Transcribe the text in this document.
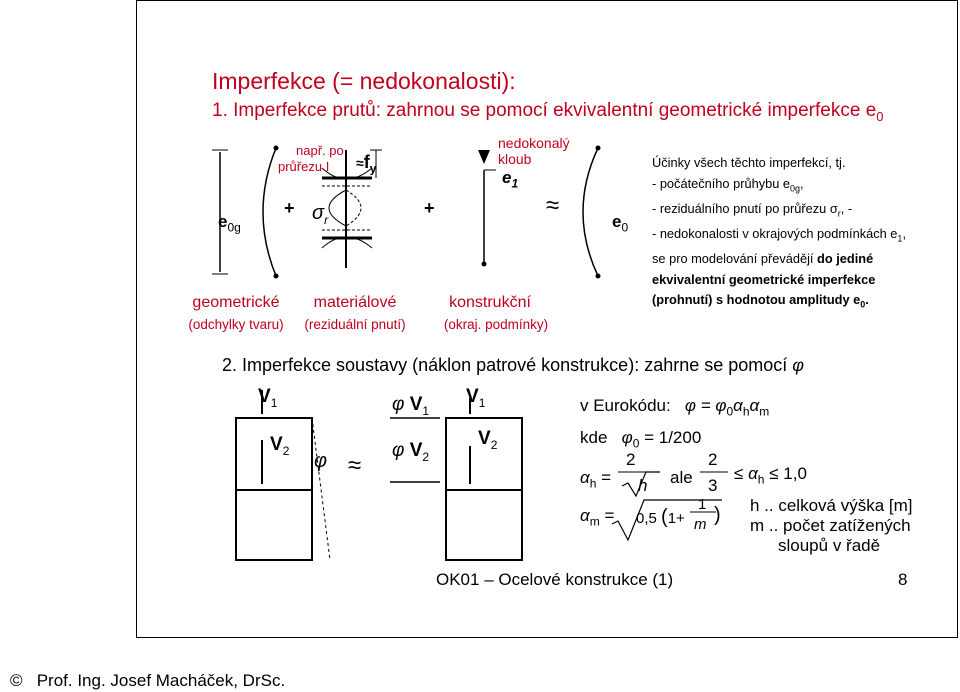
Imperfekce (= nedokonalosti):
1. Imperfekce prutů: zahrnou se pomocí ekvivalentní geometrické imperfekce $e_0$
$e_{0g}$
geometrické
(odchylky tvaru)
např. po
průřezu $I \approx f_y$
+ $\sigma_r$
materiálové
(reziduální pnutí)
+
nedokonalý
kloub
$e_1$
konstrukční
(okraj. podmínky)
≈
$e_0$
Účinky všech těchto imperfekcí, tj.
- počátečního průhybu $e_{0g}$,
- reziduálního pnutí po průřezu $\sigma_r$, -
- nedokonalosti v okrajových podmínkách $e_1$,
se pro modelování převádějí do jediné
ekvivalentní geometrické imperfekce
(prohnutí) s hodnotou amplitudy $e_0$.
2. Imperfekce soustavy (náklon patrové konstrukce): zahrne se pomocí φ
$V_1$
$V_2$ φ ≈
φ $V_1$
φ $V_2$
$V_1$
$V_2$
v Eurokódu: $\varphi = \varphi_0\alpha_h\alpha_m$
kde $\varphi_0 = 1/200$
$\alpha_h$ =
2
h ale
2
3
≤ $\alpha_h \le 1,0$
$\alpha_m = 0,5$ (1+
1
m ) h .. celková výška [m]
m .. počet zatížených
sloupů v řadě
OK01 – Ocelové konstrukce (1)	8
© Prof. Ing. Josef Macháček, DrSc.
